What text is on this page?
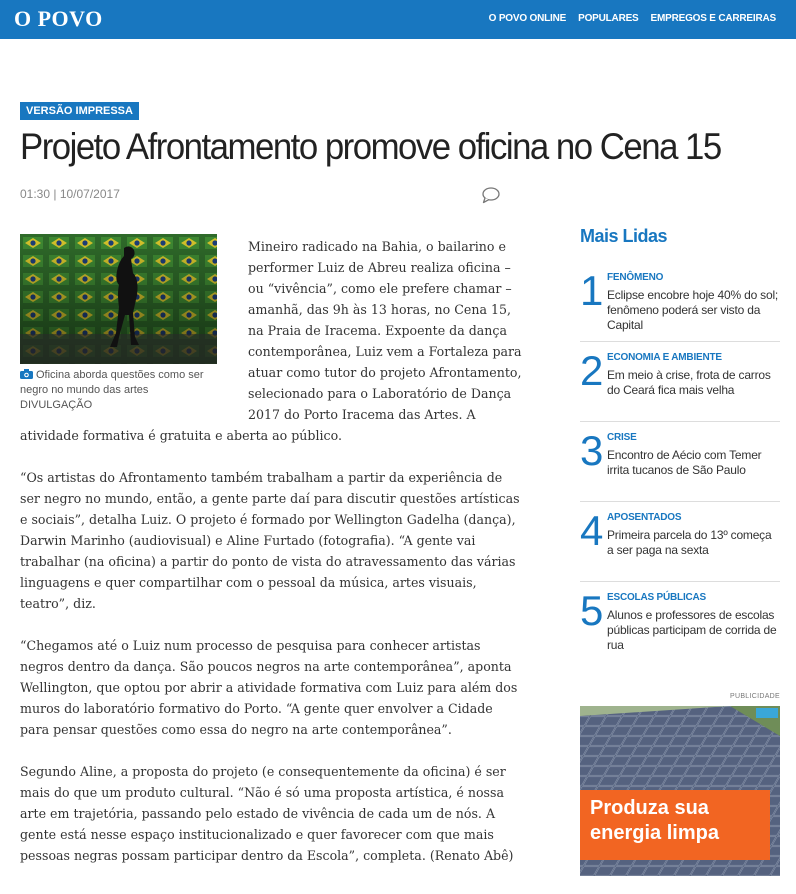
O POVO	O POVO ONLINE POPULARES EMPREGOS E CARREIRAS
VERSÃO IMPRESSA
Projeto Afrontamento promove oficina no Cena 15
01:30 | 10/07/2017
Oficina aborda questões como ser negro no mundo das artes DIVULGAÇÃO

Mineiro radicado na Bahia, o bailarino e performer Luiz de Abreu realiza oficina – ou “vivência”, como ele prefere chamar – amanhã, das 9h às 13 horas, no Cena 15, na Praia de Iracema. Expoente da dança contemporânea, Luiz vem a Fortaleza para atuar como tutor do projeto Afrontamento, selecionado para o Laboratório de Dança 2017 do Porto Iracema das Artes. A atividade formativa é gratuita e aberta ao público.

“Os artistas do Afrontamento também trabalham a partir da experiência de ser negro no mundo, então, a gente parte daí para discutir questões artísticas e sociais”, detalha Luiz. O projeto é formado por Wellington Gadelha (dança), Darwin Marinho (audiovisual) e Aline Furtado (fotografia). “A gente vai trabalhar (na oficina) a partir do ponto de vista do atravessamento das várias linguagens e quer compartilhar com o pessoal da música, artes visuais, teatro”, diz.

“Chegamos até o Luiz num processo de pesquisa para conhecer artistas negros dentro da dança. São poucos negros na arte contemporânea”, aponta Wellington, que optou por abrir a atividade formativa com Luiz para além dos muros do laboratório formativo do Porto. “A gente quer envolver a Cidade para pensar questões como essa do negro na arte contemporânea”.

Segundo Aline, a proposta do projeto (e consequentemente da oficina) é ser mais do que um produto cultural. “Não é só uma proposta artística, é nossa arte em trajetória, passando pelo estado de vivência de cada um de nós. A gente está nesse espaço institucionalizado e quer favorecer com que mais pessoas negras possam participar dentro da Escola”, completa. (Renato Abê)

Mais Lidas
1 FENÔMENO
Eclipse encobre hoje 40% do sol; fenômeno poderá ser visto da Capital
2 ECONOMIA E AMBIENTE
Em meio à crise, frota de carros do Ceará fica mais velha
3 CRISE
Encontro de Aécio com Temer irrita tucanos de São Paulo
4 APOSENTADOS
Primeira parcela do 13º começa a ser paga na sexta
5 ESCOLAS PÚBLICAS
Alunos e professores de escolas públicas participam de corrida de rua
PUBLICIDADE
Produza sua
energia limpa
